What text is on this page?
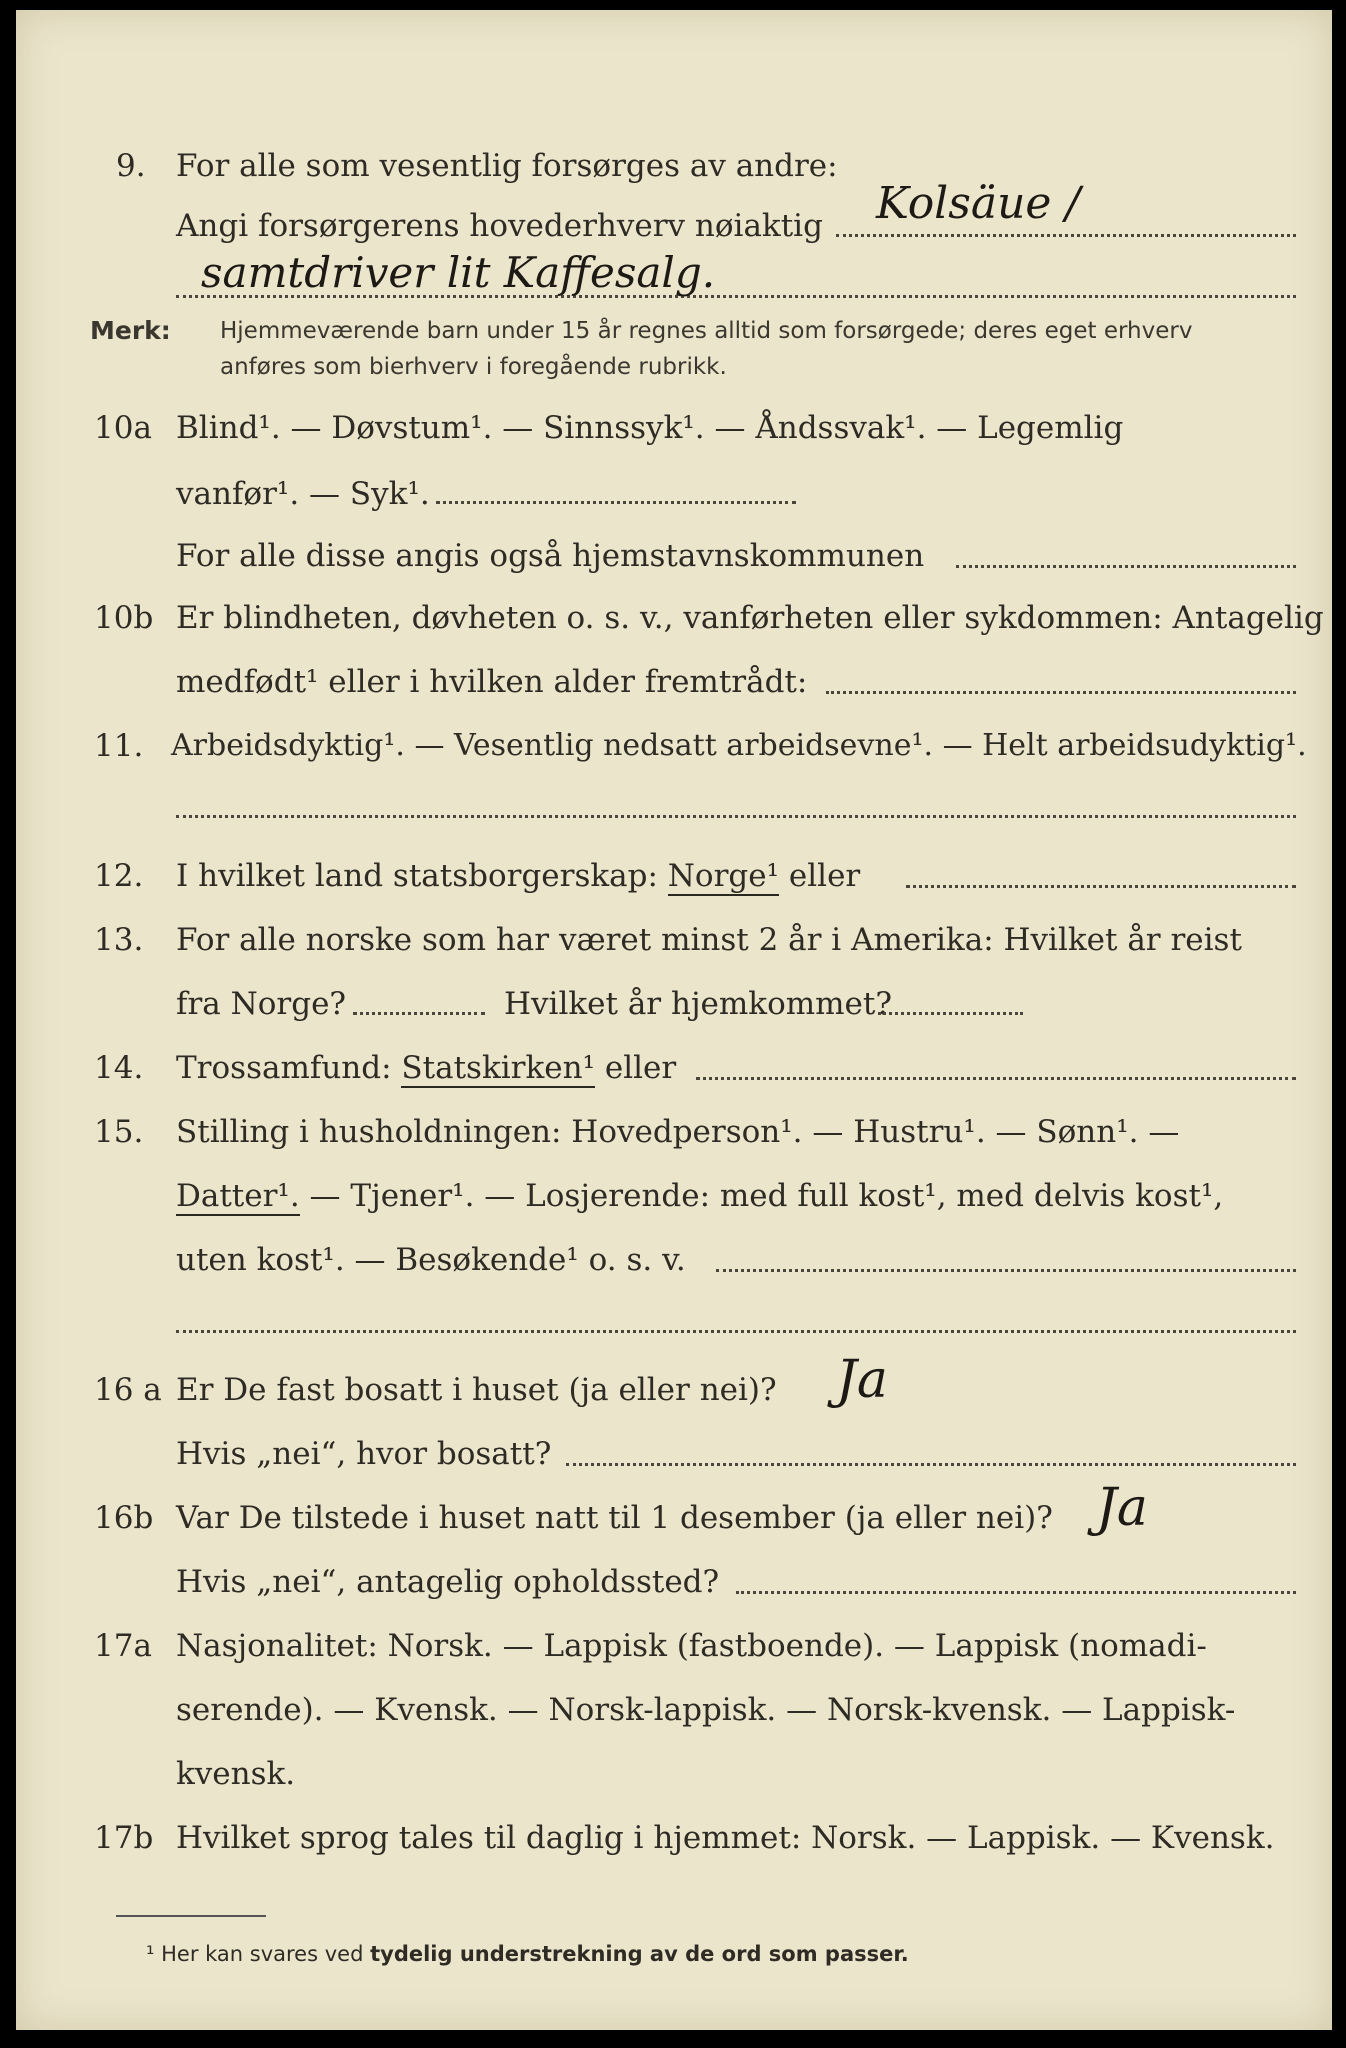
9. For alle som vesentlig forsørges av andre:
Angi forsørgerens hovederhverv nøiaktig Kolsäue /
samtdriver lit Kaffesalg.
Merk: Hjemmeværende barn under 15 år regnes alltid som forsørgede; deres eget erhverv
anføres som bierhverv i foregående rubrikk.
10a Blind¹. — Døvstum¹. — Sinnssyk¹. — Åndssvak¹. — Legemlig
vanfør¹. — Syk¹.
For alle disse angis også hjemstavnskommunen
10b Er blindheten, døvheten o. s. v., vanførheten eller sykdommen: Antagelig
medfødt¹ eller i hvilken alder fremtrådt:
11. Arbeidsdyktig¹. — Vesentlig nedsatt arbeidsevne¹. — Helt arbeidsudyktig¹.
12.	I hvilket land statsborgerskap: Norge¹ eller
13.	For alle norske som har været minst 2 år i Amerika: Hvilket år reist
fra Norge?	Hvilket år hjemkommet?
14.	Trossamfund: Statskirken¹ eller
15.	Stilling i husholdningen: Hovedperson¹. — Hustru¹. — Sønn¹. —
Datter¹. — Tjener¹. — Losjerende: med full kost¹, med delvis kost¹,
uten kost¹. — Besøkende¹ o. s. v.
16 a Er De fast bosatt i huset (ja eller nei)? Ja
Hvis „nei“, hvor bosatt?
16b Var De tilstede i huset natt til 1 desember (ja eller nei)? Ja
Hvis „nei“, antagelig opholdssted?
17a Nasjonalitet: Norsk. — Lappisk (fastboende). — Lappisk (nomadi-
serende). — Kvensk. — Norsk-lappisk. — Norsk-kvensk. — Lappisk-
kvensk.
17b Hvilket sprog tales til daglig i hjemmet: Norsk. — Lappisk. — Kvensk.
¹ Her kan svares ved tydelig understrekning av de ord som passer.
